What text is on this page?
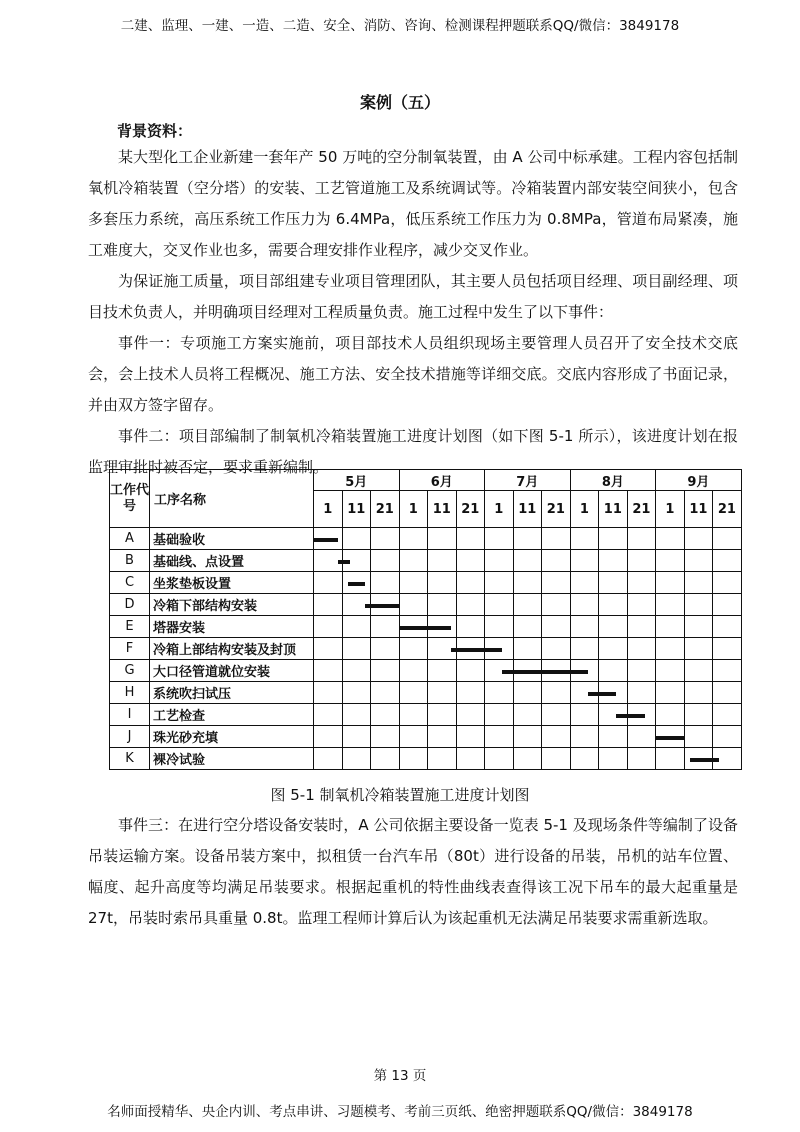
二建、监理、一建、一造、二造、安全、消防、咨询、检测课程押题联系QQ/微信：3849178
案例（五）
背景资料：

某大型化工企业新建一套年产 50 万吨的空分制氧装置，由 A 公司中标承建。工程内容包括制氧机冷箱装置（空分塔）的安装、工艺管道施工及系统调试等。冷箱装置内部安装空间狭小，包含多套压力系统，高压系统工作压力为 6.4MPa，低压系统工作压力为 0.8MPa，管道布局紧凑，施工难度大，交叉作业也多，需要合理安排作业程序，减少交叉作业。

为保证施工质量，项目部组建专业项目管理团队，其主要人员包括项目经理、项目副经理、项目技术负责人，并明确项目经理对工程质量负责。施工过程中发生了以下事件：

事件一：专项施工方案实施前，项目部技术人员组织现场主要管理人员召开了安全技术交底会，会上技术人员将工程概况、施工方法、安全技术措施等详细交底。交底内容形成了书面记录，并由双方签字留存。

事件二：项目部编制了制氧机冷箱装置施工进度计划图（如下图 5-1 所示），该进度计划在报监理审批时被否定，要求重新编制。

工作代号	工序名称	5月			6月			7月			8月			9月		
		1	11	21	1	11	21	1	11	21	1	11	21	1	11	21
A	基础验收	

B	基础线、点设置	

C	坐浆垫板设置	

D	冷箱下部结构安装	

E	塔器安装	

F	冷箱上部结构安装及封顶	

G	大口径管道就位安装	

H	系统吹扫试压	

I	工艺检查	

J	珠光砂充填	

K	裸冷试验	

图 5-1 制氧机冷箱装置施工进度计划图

事件三：在进行空分塔设备安装时，A 公司依据主要设备一览表 5-1 及现场条件等编制了设备吊装运输方案。设备吊装方案中，拟租赁一台汽车吊（80t）进行设备的吊装，吊机的站车位置、幅度、起升高度等均满足吊装要求。根据起重机的特性曲线表查得该工况下吊车的最大起重量是 27t，吊装时索吊具重量 0.8t。监理工程师计算后认为该起重机无法满足吊装要求需重新选取。

第 13 页
名师面授精华、央企内训、考点串讲、习题模考、考前三页纸、绝密押题联系QQ/微信：3849178
